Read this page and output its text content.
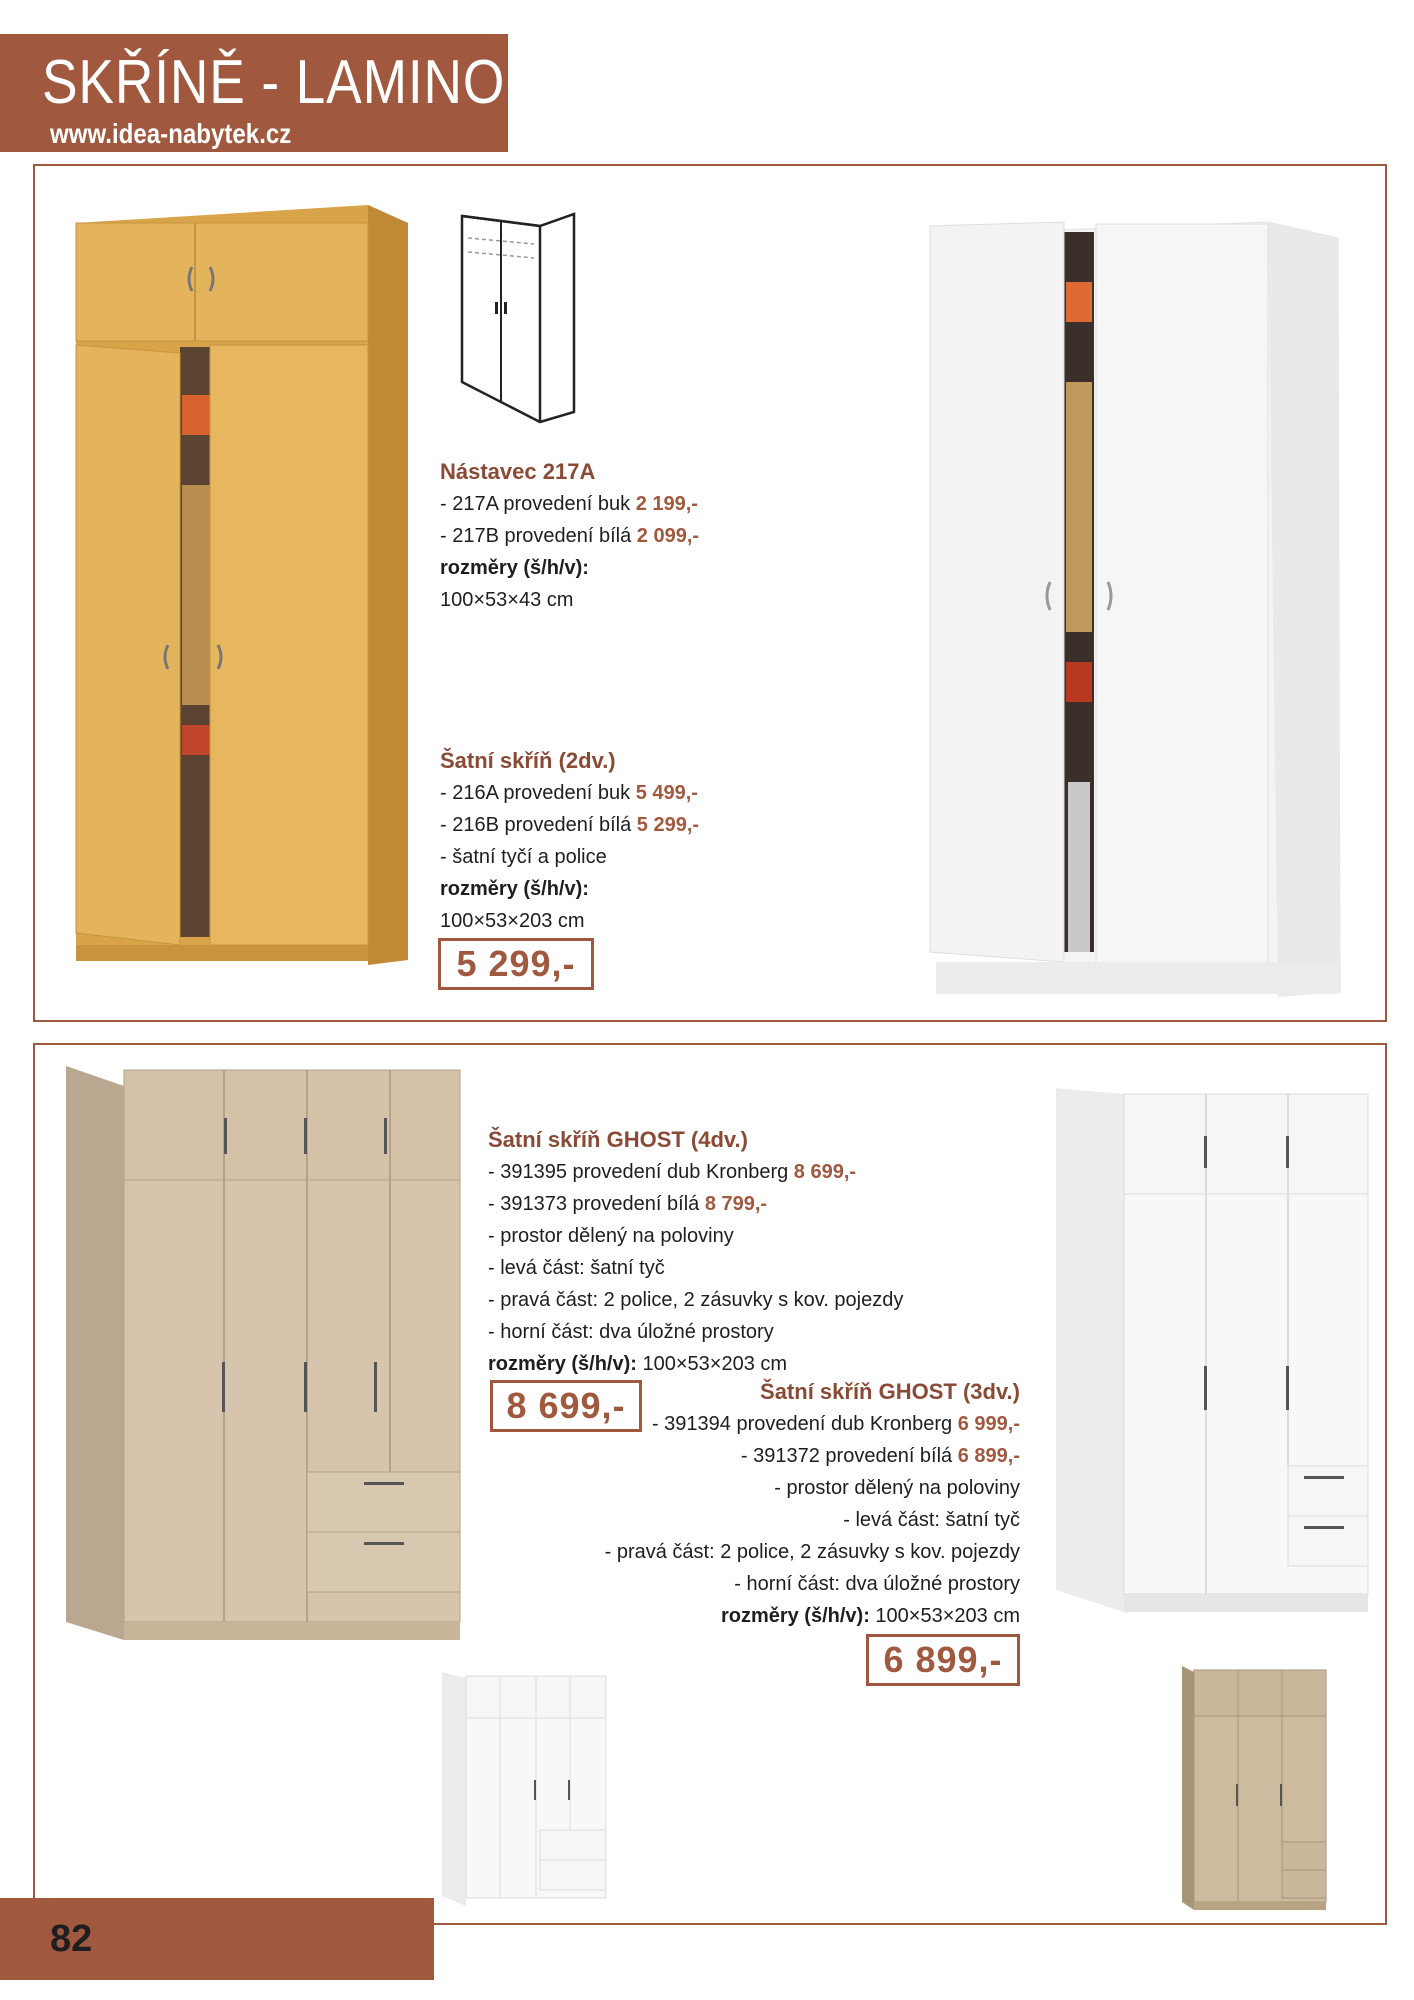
SKŘÍNĚ - LAMINO
www.idea-nabytek.cz
Nástavec 217A
- 217A provedení buk 2 199,-
- 217B provedení bílá 2 099,-
rozměry (š/h/v):
100×53×43 cm
Šatní skříň (2dv.)
- 216A provedení buk 5 499,-
- 216B provedení bílá 5 299,-
- šatní tyčí a police
rozměry (š/h/v):
100×53×203 cm
5 299,-
Šatní skříň GHOST (4dv.)
- 391395 provedení dub Kronberg 8 699,-
- 391373 provedení bílá 8 799,-
- prostor dělený na poloviny
- levá část: šatní tyč
- pravá část: 2 police, 2 zásuvky s kov. pojezdy
- horní část: dva úložné prostory
rozměry (š/h/v): 100×53×203 cm
8 699,-	Šatní skříň GHOST (3dv.)
- 391394 provedení dub Kronberg 6 999,-
- 391372 provedení bílá 6 899,-
- prostor dělený na poloviny
- levá část: šatní tyč
- pravá část: 2 police, 2 zásuvky s kov. pojezdy
- horní část: dva úložné prostory
rozměry (š/h/v): 100×53×203 cm
6 899,-
82
